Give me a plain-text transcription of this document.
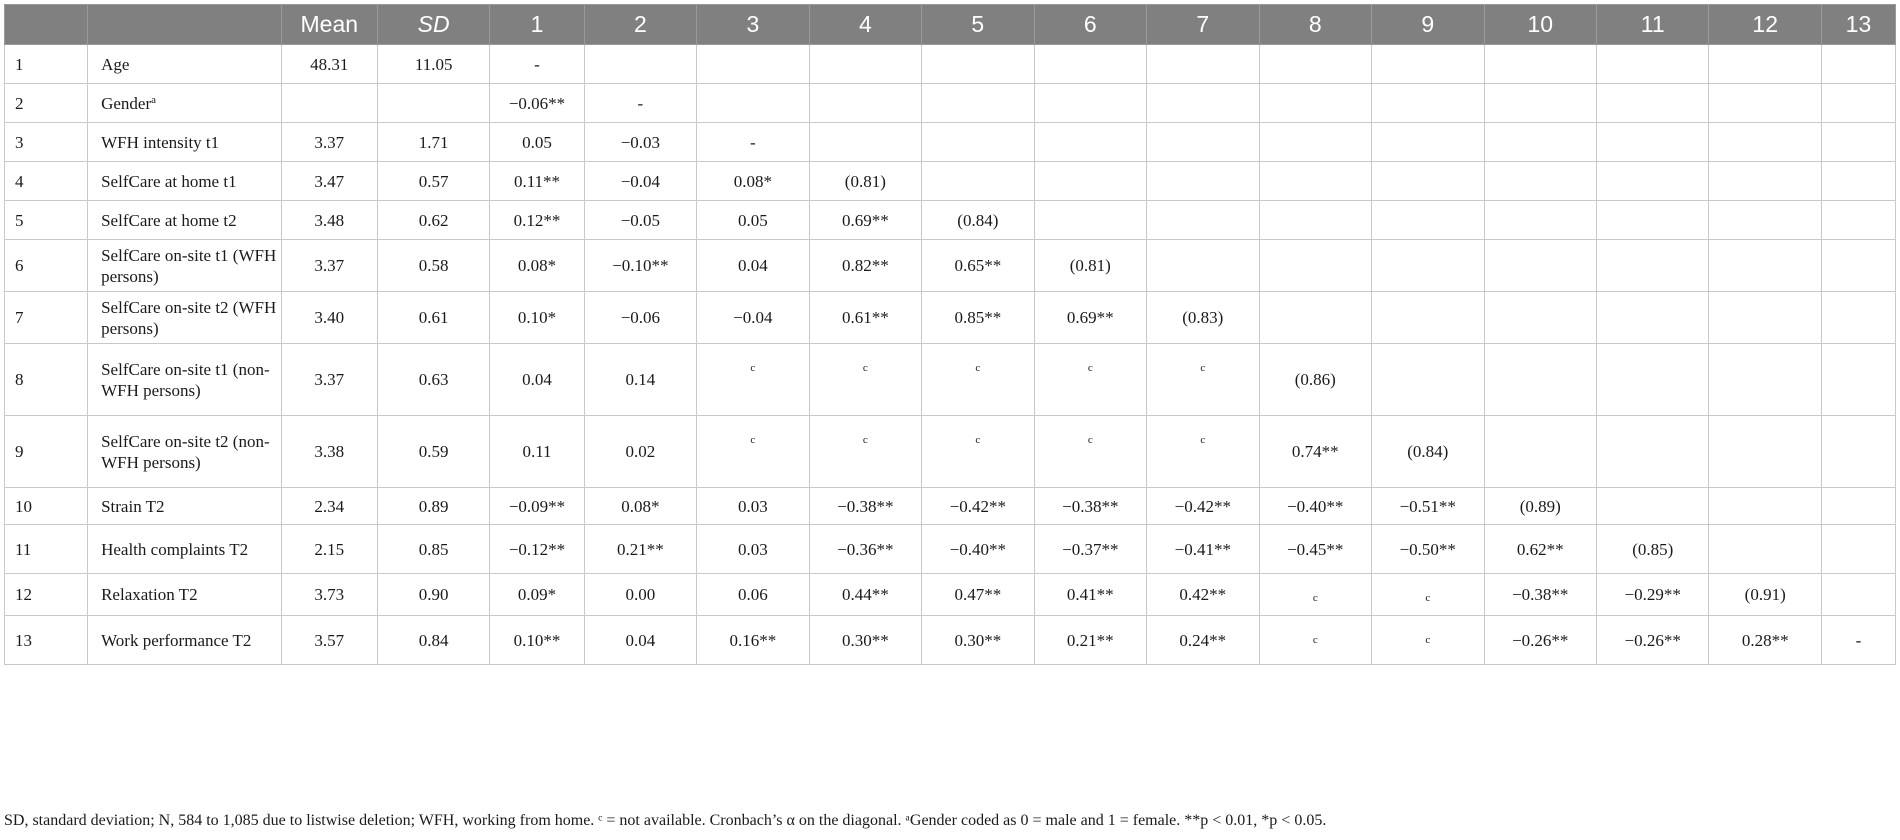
		Mean	SD	1	2	3	4	5	6	7	8	9	10	11	12	13
1	Age	48.31	11.05	-												
2	Gender$^a$			−0.06**	-											
3	WFH intensity t1	3.37	1.71	0.05	−0.03	-										
4	SelfCare at home t1	3.47	0.57	0.11**	−0.04	0.08*	(0.81)									
5	SelfCare at home t2	3.48	0.62	0.12**	−0.05	0.05	0.69**	(0.84)								
6	SelfCare on-site t1 (WFH persons)	3.37	0.58	0.08*	−0.10**	0.04	0.82**	0.65**	(0.81)							
7	SelfCare on-site t2 (WFH persons)	3.40	0.61	0.10*	−0.06	−0.04	0.61**	0.85**	0.69**	(0.83)						
8	SelfCare on-site t1 (non-WFH persons)	3.37	0.63	0.04	0.14	$^c$	$^c$	$^c$	$^c$	$^c$	(0.86)					
9	SelfCare on-site t2 (non-WFH persons)	3.38	0.59	0.11	0.02	$^c$	$^c$	$^c$	$^c$	$^c$	0.74**	(0.84)				
10	Strain T2	2.34	0.89	−0.09**	0.08*	0.03	−0.38**	−0.42**	−0.38**	−0.42**	−0.40**	−0.51**	(0.89)			
11	Health complaints T2	2.15	0.85	−0.12**	0.21**	0.03	−0.36**	−0.40**	−0.37**	−0.41**	−0.45**	−0.50**	0.62**	(0.85)		
12	Relaxation T2	3.73	0.90	0.09*	0.00	0.06	0.44**	0.47**	0.41**	0.42**	$^c$	$^c$	−0.38**	−0.29**	(0.91)	
13	Work performance T2	3.57	0.84	0.10**	0.04	0.16**	0.30**	0.30**	0.21**	0.24**	$^c$	$^c$	−0.26**	−0.26**	0.28**	-
SD, standard deviation; N, 584 to 1,085 due to listwise deletion; WFH, working from home. ᶜ = not available. Cronbach’s α on the diagonal. ᵃGender coded as 0 = male and 1 = female. **p < 0.01, *p < 0.05.
